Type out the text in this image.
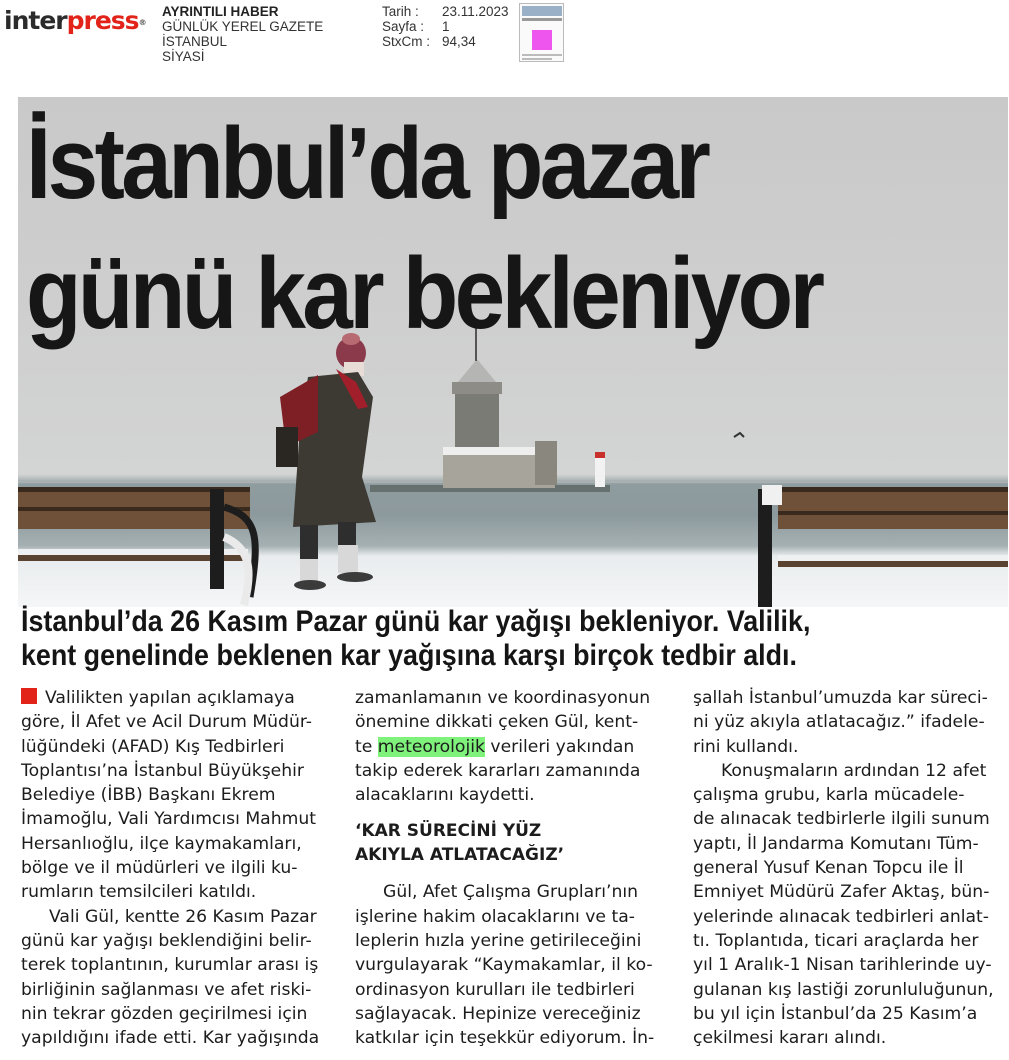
interpress®
AYRINTILI HABER
GÜNLÜK YEREL GAZETE
İSTANBUL
SİYASİ
Tarih :	23.11.2023
Sayfa :	1
StxCm : 94,34
İstanbul’da pazar
günü kar bekleniyor
İstanbul’da 26 Kasım Pazar günü kar yağışı bekleniyor. Valilik,
kent genelinde beklenen kar yağışına karşı birçok tedbir aldı.
Valilikten yapılan açıklamaya
göre, İl Afet ve Acil Durum Müdür-
lüğündeki (AFAD) Kış Tedbirleri
Toplantısı’na İstanbul Büyükşehir
Belediye (İBB) Başkanı Ekrem
İmamoğlu, Vali Yardımcısı Mahmut
Hersanlıoğlu, ilçe kaymakamları,
bölge ve il müdürleri ve ilgili ku-
rumların temsilcileri katıldı.
Vali Gül, kentte 26 Kasım Pazar
günü kar yağışı beklendiğini belir-
terek toplantının, kurumlar arası iş
birliğinin sağlanması ve afet riski-
nin tekrar gözden geçirilmesi için
yapıldığını ifade etti. Kar yağışında
zamanlamanın ve koordinasyonun
önemine dikkati çeken Gül, kent-
te meteorolojik verileri yakından
takip ederek kararları zamanında
alacaklarını kaydetti.
‘KAR SÜRECİNİ YÜZ
AKIYLA ATLATACAĞIZ’
Gül, Afet Çalışma Grupları’nın
işlerine hakim olacaklarını ve ta-
leplerin hızla yerine getirileceğini
vurgulayarak “Kaymakamlar, il ko-
ordinasyon kurulları ile tedbirleri
sağlayacak. Hepinize vereceğiniz
katkılar için teşekkür ediyorum. İn-
şallah İstanbul’umuzda kar süreci-
ni yüz akıyla atlatacağız.” ifadele-
rini kullandı.
Konuşmaların ardından 12 afet
çalışma grubu, karla mücadele-
de alınacak tedbirlerle ilgili sunum
yaptı, İl Jandarma Komutanı Tüm-
general Yusuf Kenan Topcu ile İl
Emniyet Müdürü Zafer Aktaş, bün-
yelerinde alınacak tedbirleri anlat-
tı. Toplantıda, ticari araçlarda her
yıl 1 Aralık-1 Nisan tarihlerinde uy-
gulanan kış lastiği zorunluluğunun,
bu yıl için İstanbul’da 25 Kasım’a
çekilmesi kararı alındı.
